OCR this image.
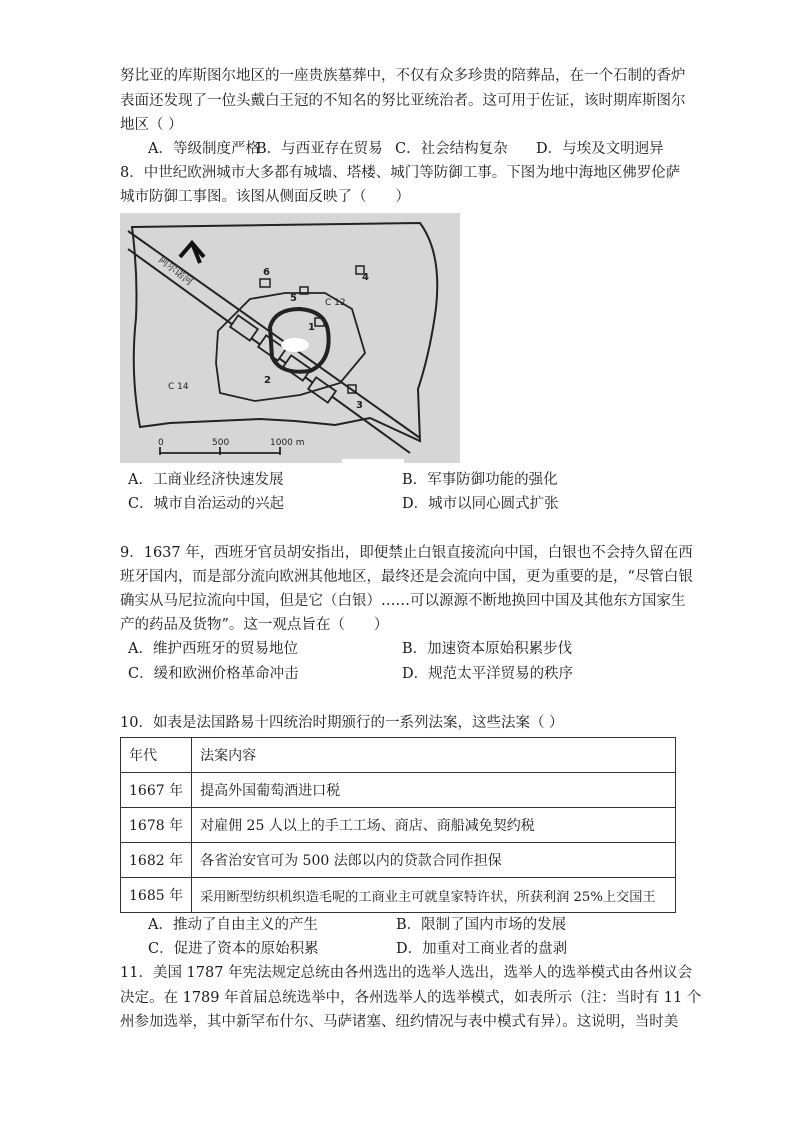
努比亚的库斯图尔地区的一座贵族墓葬中，不仅有众多珍贵的陪葬品，在一个石制的香炉
表面还发现了一位头戴白王冠的不知名的努比亚统治者。这可用于佐证，该时期库斯图尔
地区（ ）
A．等级制度严格
B．与西亚存在贸易 C．社会结构复杂 D．与埃及文明迥异
8．中世纪欧洲城市大多都有城墙、塔楼、城门等防御工事。下图为地中海地区佛罗伦萨
城市防御工事图。该图从侧面反映了（　　）
阿尔诺河	6	4
5	C 12
1
2
3
C 14
0	500	1000 m
A．工商业经济快速发展	B．军事防御功能的强化
C．城市自治运动的兴起	D．城市以同心圆式扩张
9．1637 年，西班牙官员胡安指出，即便禁止白银直接流向中国，白银也不会持久留在西
班牙国内，而是部分流向欧洲其他地区，最终还是会流向中国，更为重要的是，“尽管白银
确实从马尼拉流向中国，但是它（白银）……可以源源不断地换回中国及其他东方国家生
产的药品及货物”。这一观点旨在（　　）
A．维护西班牙的贸易地位	B．加速资本原始积累步伐
C．缓和欧洲价格革命冲击	D．规范太平洋贸易的秩序
10．如表是法国路易十四统治时期颁行的一系列法案，这些法案（ ）
年代	法案内容
1667 年	提高外国葡萄酒进口税
1678 年	对雇佣 25 人以上的手工工场、商店、商船减免契约税
1682 年	各省治安官可为 500 法郎以内的贷款合同作担保
1685 年	采用断型纺织机织造毛呢的工商业主可就皇家特许状，所获利润 25%上交国王
A．推动了自由主义的产生	B．限制了国内市场的发展
C．促进了资本的原始积累	D．加重对工商业者的盘剥
11．美国 1787 年宪法规定总统由各州选出的选举人选出，选举人的选举模式由各州议会
决定。在 1789 年首届总统选举中，各州选举人的选举模式，如表所示（注：当时有 11 个
州参加选举，其中新罕布什尔、马萨诸塞、纽约情况与表中模式有异）。这说明，当时美
